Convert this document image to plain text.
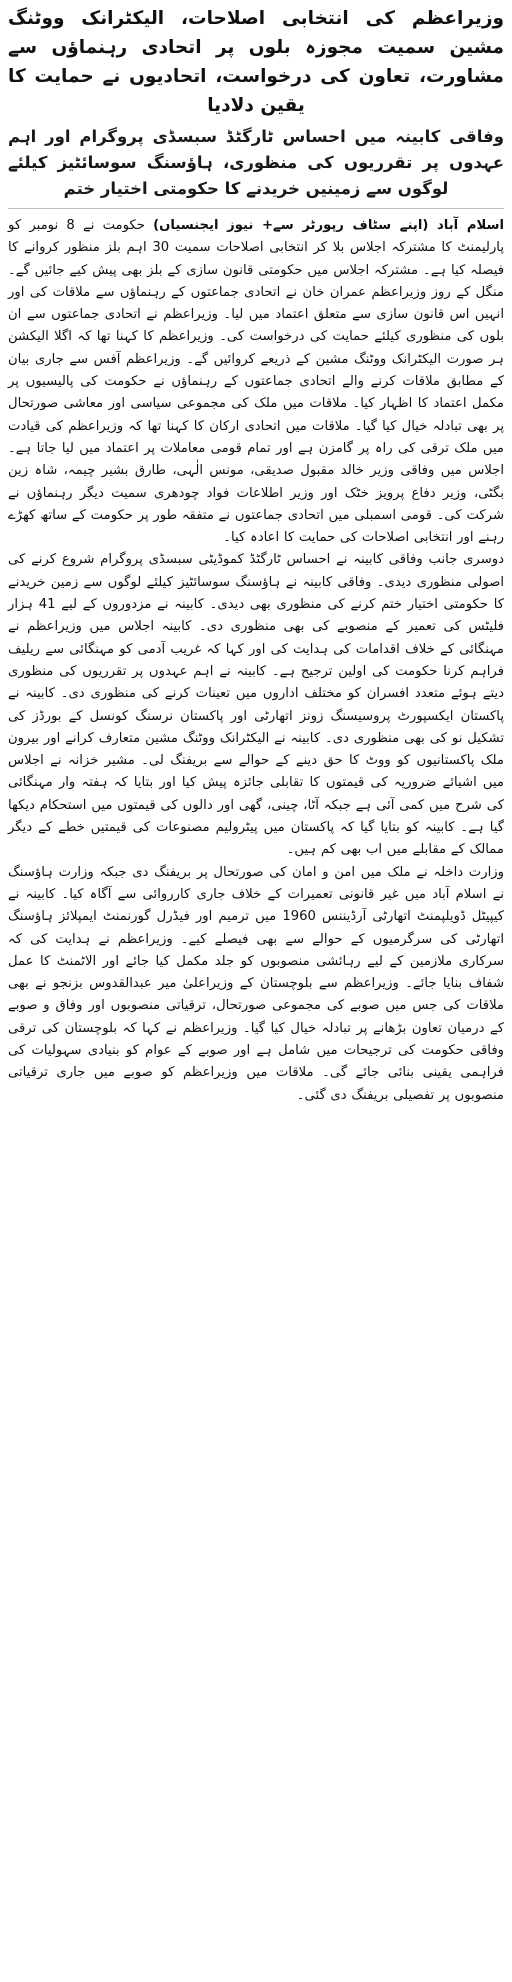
وزیراعظم کی انتخابی اصلاحات، الیکٹرانک ووٹنگ مشین سمیت مجوزہ بلوں پر اتحادی رہنماؤں سے مشاورت، تعاون کی درخواست، اتحادیوں نے حمایت کا یقین دلادیا
وفاقی کابینہ میں احساس ٹارگٹڈ سبسڈی پروگرام اور اہم عہدوں پر تقرریوں کی منظوری، ہاؤسنگ سوسائٹیز کیلئے لوگوں سے زمینیں خریدنے کا حکومتی اختیار ختم

اسلام آباد (اپنے سٹاف رپورٹر سے+ نیوز ایجنسیاں) حکومت نے 8 نومبر کو پارلیمنٹ کا مشترکہ اجلاس بلا کر انتخابی اصلاحات سمیت 30 اہم بلز منظور کروانے کا فیصلہ کیا ہے۔ مشترکہ اجلاس میں حکومتی قانون سازی کے بلز بھی پیش کیے جائیں گے۔ منگل کے روز وزیراعظم عمران خان نے اتحادی جماعتوں کے رہنماؤں سے ملاقات کی اور انہیں اس قانون سازی سے متعلق اعتماد میں لیا۔ وزیراعظم نے اتحادی جماعتوں سے ان بلوں کی منظوری کیلئے حمایت کی درخواست کی۔ وزیراعظم کا کہنا تھا کہ اگلا الیکشن ہر صورت الیکٹرانک ووٹنگ مشین کے ذریعے کروائیں گے۔ وزیراعظم آفس سے جاری بیان کے مطابق ملاقات کرنے والے اتحادی جماعتوں کے رہنماؤں نے حکومت کی پالیسیوں پر مکمل اعتماد کا اظہار کیا۔ ملاقات میں ملک کی مجموعی سیاسی اور معاشی صورتحال پر بھی تبادلہ خیال کیا گیا۔ ملاقات میں اتحادی ارکان کا کہنا تھا کہ وزیراعظم کی قیادت میں ملک ترقی کی راہ پر گامزن ہے اور تمام قومی معاملات پر اعتماد میں لیا جاتا ہے۔ اجلاس میں وفاقی وزیر خالد مقبول صدیقی، مونس الٰہی، طارق بشیر چیمہ، شاہ زین بگٹی، وزیر دفاع پرویز خٹک اور وزیر اطلاعات فواد چودھری سمیت دیگر رہنماؤں نے شرکت کی۔ قومی اسمبلی میں اتحادی جماعتوں نے متفقہ طور پر حکومت کے ساتھ کھڑے رہنے اور انتخابی اصلاحات کی حمایت کا اعادہ کیا۔

دوسری جانب وفاقی کابینہ نے احساس ٹارگٹڈ کموڈیٹی سبسڈی پروگرام شروع کرنے کی اصولی منظوری دیدی۔ وفاقی کابینہ نے ہاؤسنگ سوسائٹیز کیلئے لوگوں سے زمین خریدنے کا حکومتی اختیار ختم کرنے کی منظوری بھی دیدی۔ کابینہ نے مزدوروں کے لیے 41 ہزار فلیٹس کی تعمیر کے منصوبے کی بھی منظوری دی۔ کابینہ اجلاس میں وزیراعظم نے مہنگائی کے خلاف اقدامات کی ہدایت کی اور کہا کہ غریب آدمی کو مہنگائی سے ریلیف فراہم کرنا حکومت کی اولین ترجیح ہے۔ کابینہ نے اہم عہدوں پر تقرریوں کی منظوری دیتے ہوئے متعدد افسران کو مختلف اداروں میں تعینات کرنے کی منظوری دی۔ کابینہ نے پاکستان ایکسپورٹ پروسیسنگ زونز اتھارٹی اور پاکستان نرسنگ کونسل کے بورڈز کی تشکیل نو کی بھی منظوری دی۔ کابینہ نے الیکٹرانک ووٹنگ مشین متعارف کرانے اور بیرون ملک پاکستانیوں کو ووٹ کا حق دینے کے حوالے سے بریفنگ لی۔ مشیر خزانہ نے اجلاس میں اشیائے ضروریہ کی قیمتوں کا تقابلی جائزہ پیش کیا اور بتایا کہ ہفتہ وار مہنگائی کی شرح میں کمی آئی ہے جبکہ آٹا، چینی، گھی اور دالوں کی قیمتوں میں استحکام دیکھا گیا ہے۔ کابینہ کو بتایا گیا کہ پاکستان میں پیٹرولیم مصنوعات کی قیمتیں خطے کے دیگر ممالک کے مقابلے میں اب بھی کم ہیں۔

وزارت داخلہ نے ملک میں امن و امان کی صورتحال پر بریفنگ دی جبکہ وزارت ہاؤسنگ نے اسلام آباد میں غیر قانونی تعمیرات کے خلاف جاری کارروائی سے آگاہ کیا۔ کابینہ نے کیپیٹل ڈویلپمنٹ اتھارٹی آرڈیننس 1960 میں ترمیم اور فیڈرل گورنمنٹ ایمپلائز ہاؤسنگ اتھارٹی کی سرگرمیوں کے حوالے سے بھی فیصلے کیے۔ وزیراعظم نے ہدایت کی کہ سرکاری ملازمین کے لیے رہائشی منصوبوں کو جلد مکمل کیا جائے اور الاٹمنٹ کا عمل شفاف بنایا جائے۔ وزیراعظم سے بلوچستان کے وزیراعلیٰ میر عبدالقدوس بزنجو نے بھی ملاقات کی جس میں صوبے کی مجموعی صورتحال، ترقیاتی منصوبوں اور وفاق و صوبے کے درمیان تعاون بڑھانے پر تبادلہ خیال کیا گیا۔ وزیراعظم نے کہا کہ بلوچستان کی ترقی وفاقی حکومت کی ترجیحات میں شامل ہے اور صوبے کے عوام کو بنیادی سہولیات کی فراہمی یقینی بنائی جائے گی۔ ملاقات میں وزیراعظم کو صوبے میں جاری ترقیاتی منصوبوں پر تفصیلی بریفنگ دی گئی۔
